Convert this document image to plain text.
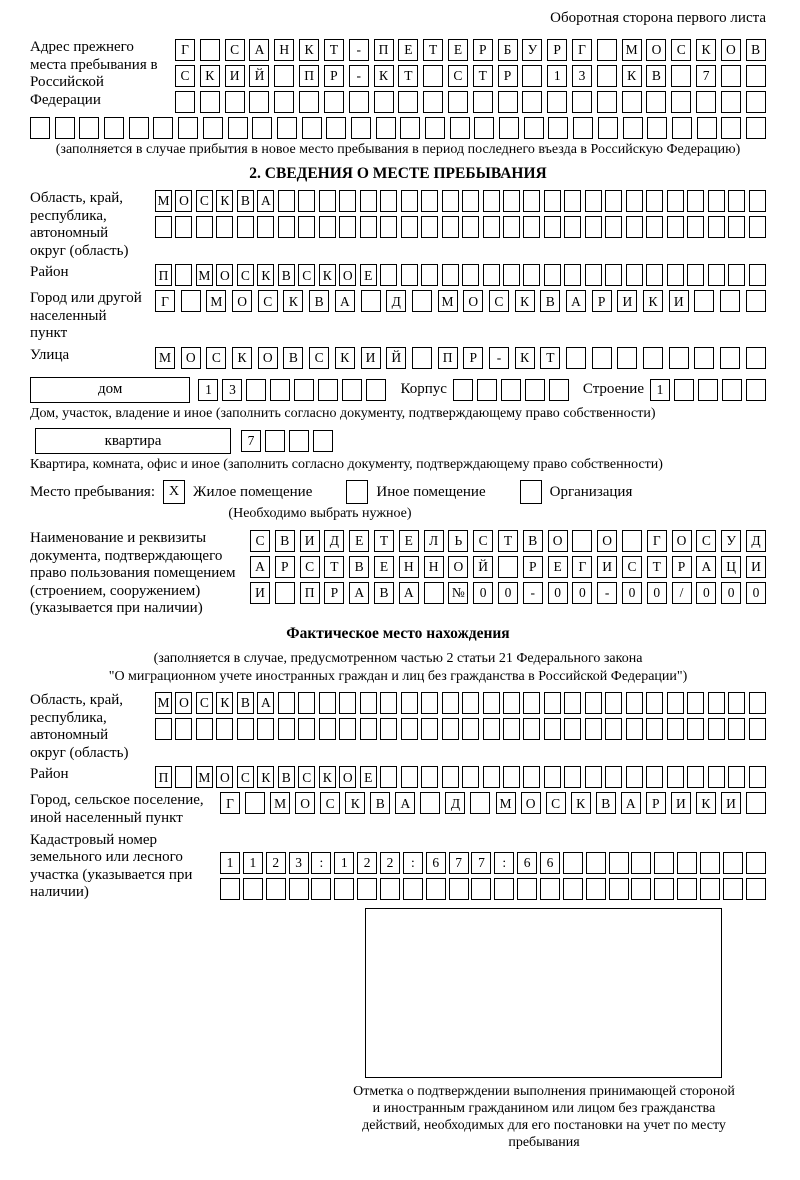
Оборотная сторона первого листа
Адрес прежнего места пребывания в Российской Федерации
Г	С	А	Н	К	Т	-	П	Е	Т	Е	Р	Б	У	Р	Г	М	О	С	К	О	В
С	К	И	Й	П	Р	-	К	Т	С	Т	Р	1	3	К	В	7
(заполняется в случае прибытия в новое место пребывания в период последнего въезда в Российскую Федерацию)
2. СВЕДЕНИЯ О МЕСТЕ ПРЕБЫВАНИЯ
Область, край, республика, автономный округ (область)
М О С К В А
Район	П М О С К В С К О Е
Город или другой населенный пункт
Г	М	О	С	К	В	А	Д	М	О	С	К	В	А	Р	И	К	И
Улица	М	О	С	К	О	В	С	К	И	Й	П	Р	-	К	Т
дом	1	3	Корпус	Строение 1
Дом, участок, владение и иное (заполнить согласно документу, подтверждающему право собственности)
квартира	7
Квартира, комната, офис и иное (заполнить согласно документу, подтверждающему право собственности)
Место пребывания: X Жилое помещение	Иное помещение	Организация
(Необходимо выбрать нужное)
Наименование и реквизиты документа, подтверждающего право пользования помещением (строением, сооружением) (указывается при наличии)
С	В	И	Д	Е	Т	Е	Л	Ь	С	Т	В	О	О	Г	О	С	У	Д
А	Р	С	Т	В	Е	Н	Н	О	Й	Р	Е	Г	И	С	Т	Р	А	Ц	И
И	П	Р	А	В	А	№	0	0	-	0	0	-	0	0	/	0	0	0
Фактическое место нахождения
(заполняется в случае, предусмотренном частью 2 статьи 21 Федерального закона
"О миграционном учете иностранных граждан и лиц без гражданства в Российской Федерации")
Область, край, республика, автономный округ (область)
М О С К В А
Район	П М О С К В С К О Е
Город, сельское поселение, иной населенный пункт
Г	М	О	С	К	В	А	Д	М	О	С	К	В	А	Р	И	К	И
Кадастровый номер земельного или лесного участка (указывается при наличии)
1	1	2	3	:	1	2	2	:	6	7	7	:	6	6
Отметка о подтверждении выполнения принимающей стороной и иностранным гражданином или лицом без гражданства действий, необходимых для его постановки на учет по месту пребывания
